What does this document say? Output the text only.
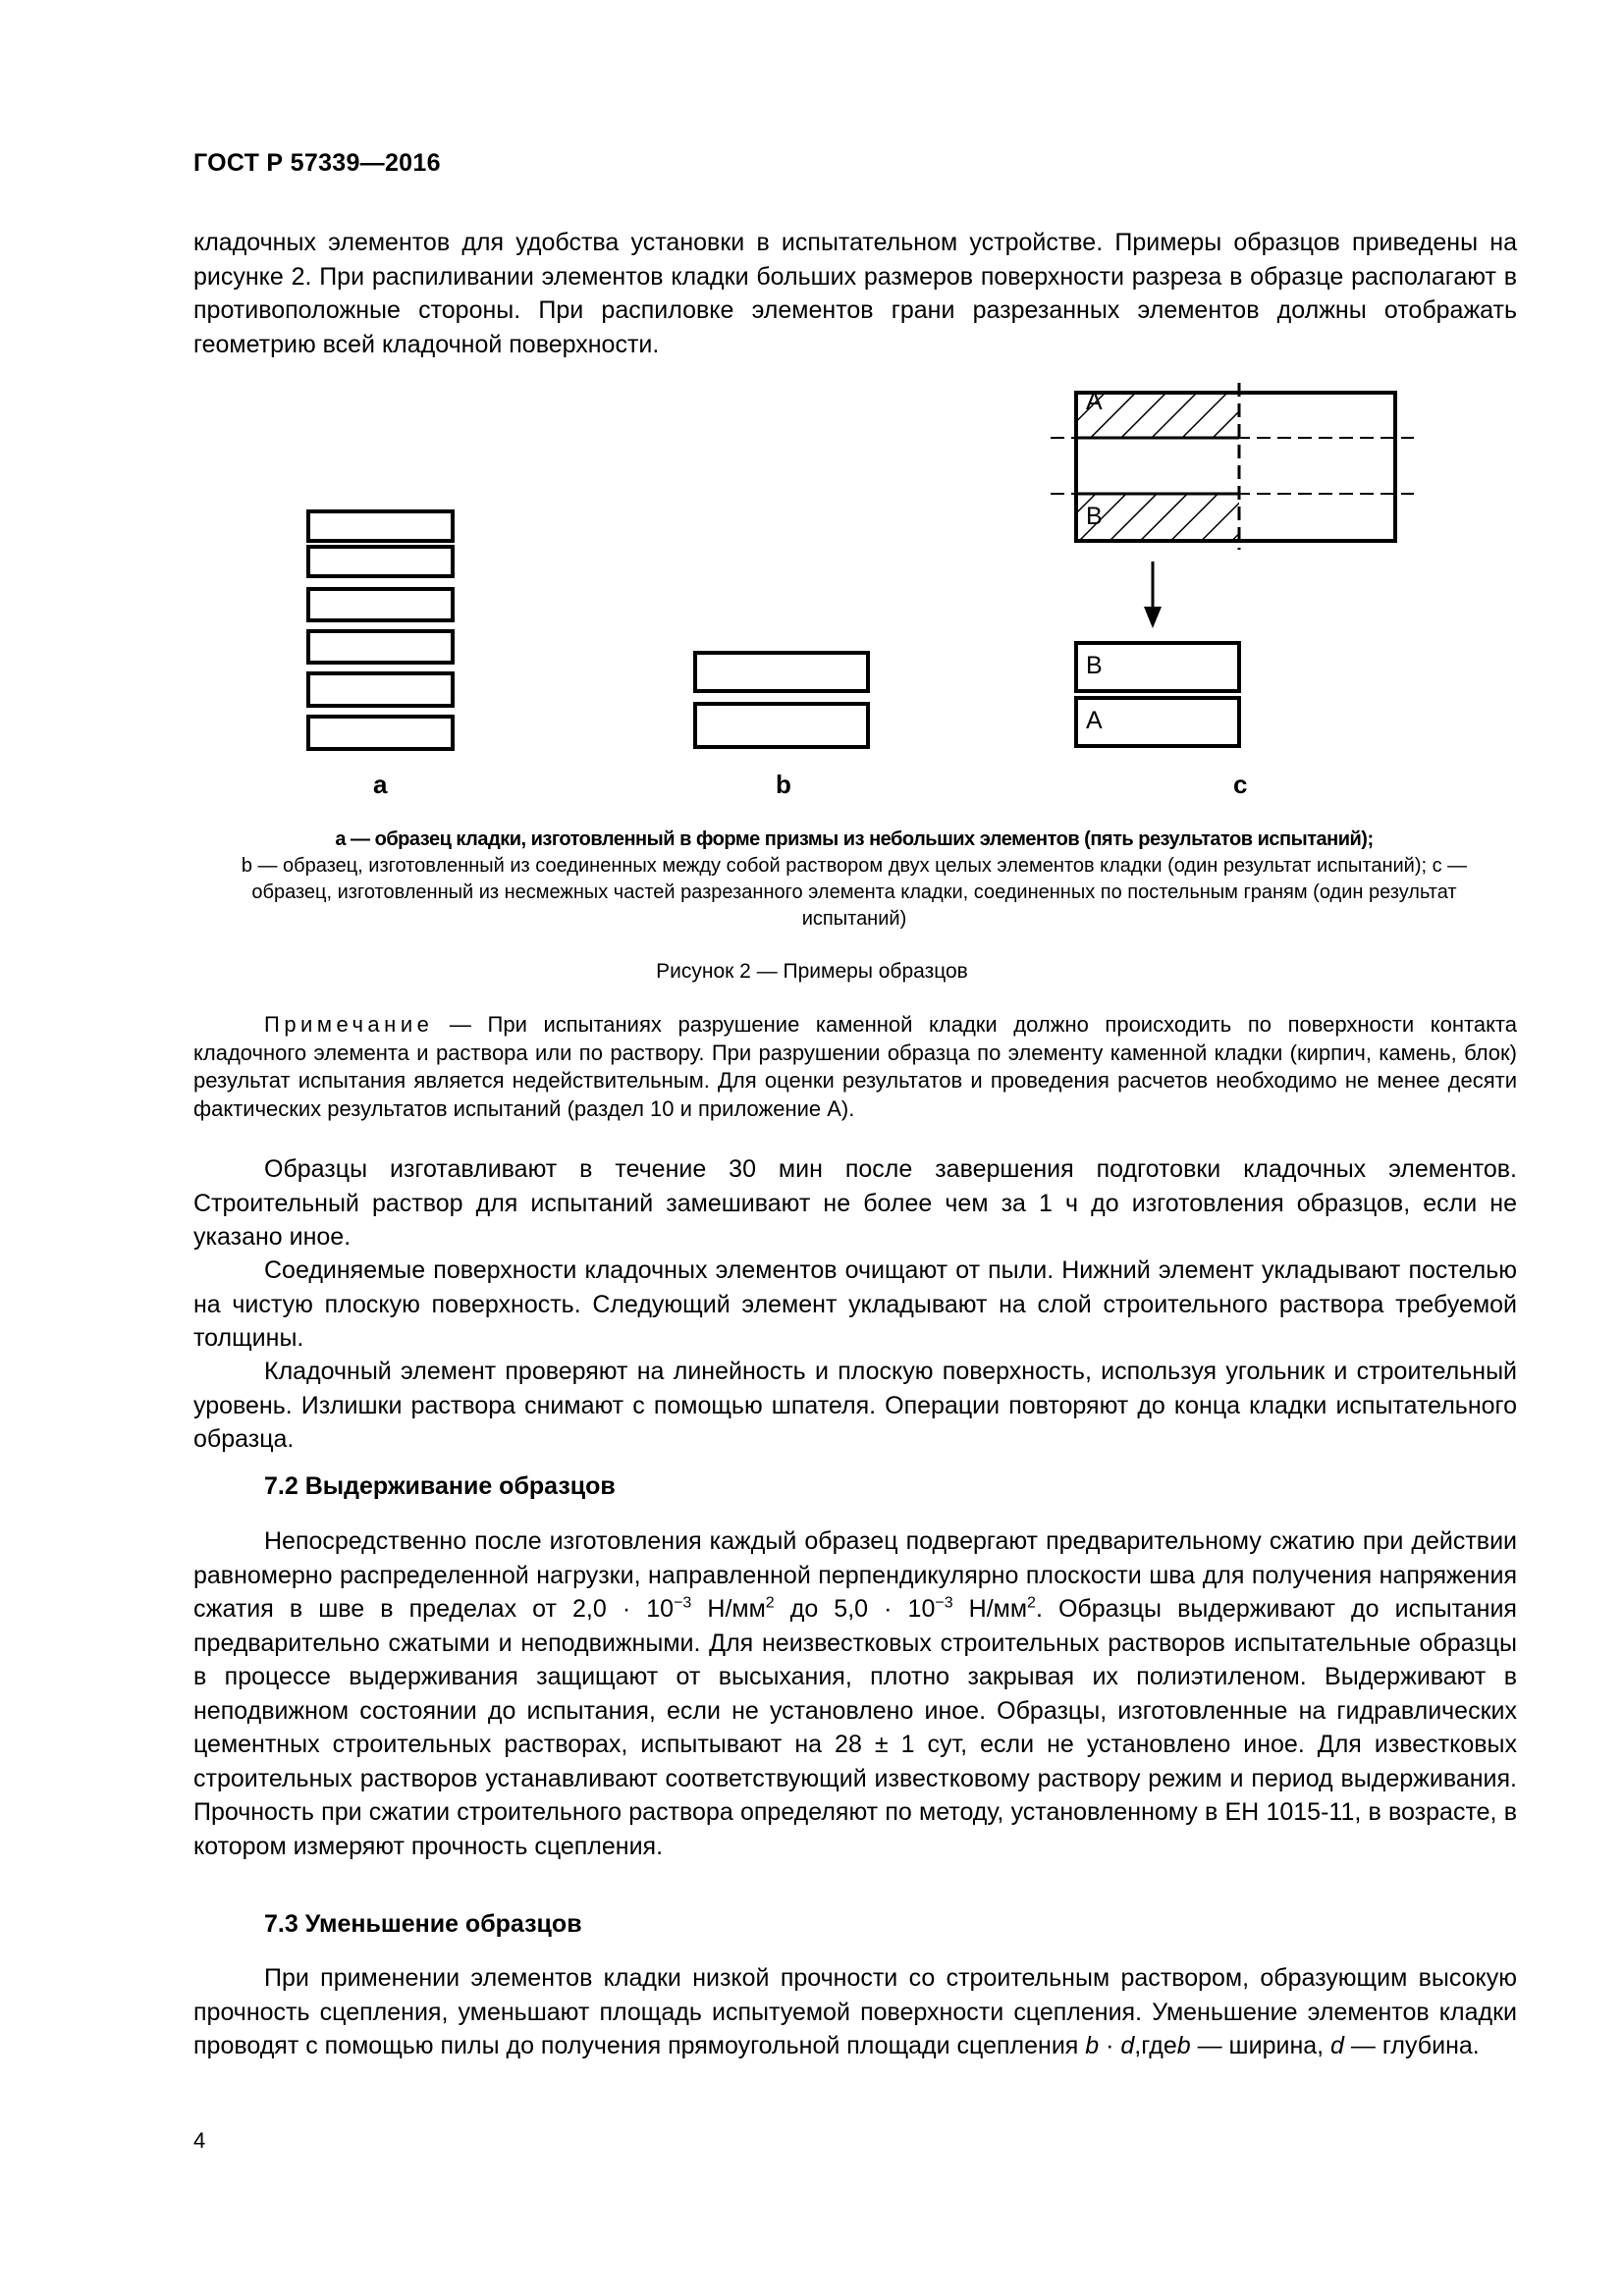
ГОСТ Р 57339—2016

кладочных элементов для удобства установки в испытательном устройстве. Примеры образцов приведены на рисунке 2. При распиливании элементов кладки больших размеров поверхности разреза в образце располагают в противоположные стороны. При распиловке элементов грани разрезанных элементов должны отображать геометрию всей кладочной поверхности.

A
B
B
A
a	b	c

а — образец кладки, изготовленный в форме призмы из небольших элементов (пять результатов испытаний);
b — образец, изготовленный из соединенных между собой раствором двух целых элементов кладки (один результат испытаний); c — образец, изготовленный из несмежных частей разрезанного элемента кладки, соединенных по постельным граням (один результат испытаний)

Рисунок 2 — Примеры образцов

Примечание — При испытаниях разрушение каменной кладки должно происходить по поверхности контакта кладочного элемента и раствора или по раствору. При разрушении образца по элементу каменной кладки (кирпич, камень, блок) результат испытания является недействительным. Для оценки результатов и проведения расчетов необходимо не менее десяти фактических результатов испытаний (раздел 10 и приложение А).

Образцы изготавливают в течение 30 мин после завершения подготовки кладочных элементов. Строительный раствор для испытаний замешивают не более чем за 1 ч до изготовления образцов, если не указано иное.

Соединяемые поверхности кладочных элементов очищают от пыли. Нижний элемент укладывают постелью на чистую плоскую поверхность. Следующий элемент укладывают на слой строительного раствора требуемой толщины.

Кладочный элемент проверяют на линейность и плоскую поверхность, используя угольник и строительный уровень. Излишки раствора снимают с помощью шпателя. Операции повторяют до конца кладки испытательного образца.

7.2 Выдерживание образцов

Непосредственно после изготовления каждый образец подвергают предварительному сжатию при действии равномерно распределенной нагрузки, направленной перпендикулярно плоскости шва для получения напряжения сжатия в шве в пределах от $2,0 \cdot 10^{-3}$ $Н/мм^2$ до $5,0 \cdot 10^{-3}$ $Н/мм^2$. Образцы выдерживают до испытания предварительно сжатыми и неподвижными. Для неизвестковых строительных растворов испытательные образцы в процессе выдерживания защищают от высыхания, плотно закрывая их полиэтиленом. Выдерживают в неподвижном состоянии до испытания, если не установлено иное. Образцы, изготовленные на гидравлических цементных строительных растворах, испытывают на 28 ± 1 сут, если не установлено иное. Для известковых строительных растворов устанавливают соответствующий известковому раствору режим и период выдерживания. Прочность при сжатии строительного раствора определяют по методу, установленному в ЕН 1015-11, в возрасте, в котором измеряют прочность сцепления.

7.3 Уменьшение образцов

При применении элементов кладки низкой прочности со строительным раствором, образующим высокую прочность сцепления, уменьшают площадь испытуемой поверхности сцепления. Уменьшение элементов кладки проводят с помощью пилы до получения прямоугольной площади сцепления b · d,гдеb — ширина, d — глубина.

4
